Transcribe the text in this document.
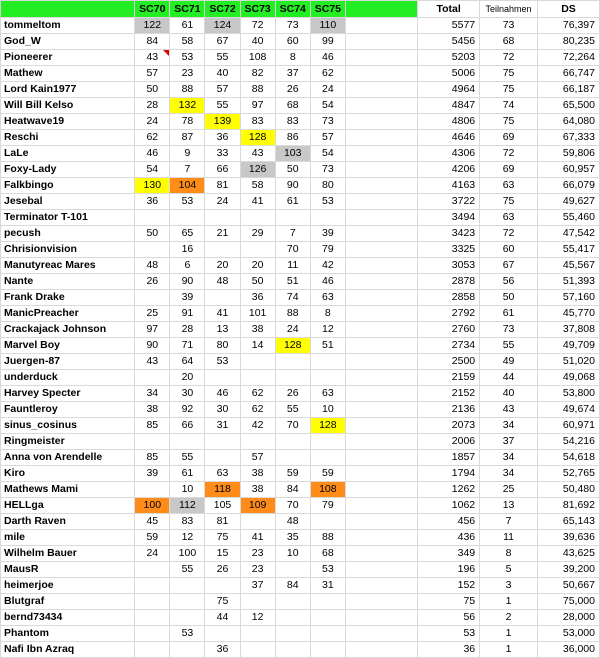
	SC70	SC71	SC72	SC73	SC74	SC75		Total	Teilnahmen	DS
tommeltom	122	61	124	72	73	110		5577	73	76,397
God_W	84	58	67	40	60	99		5456	68	80,235
Pioneerer	43	53	55	108	8	46		5203	72	72,264
Mathew	57	23	40	82	37	62		5006	75	66,747
Lord Kain1977	50	88	57	88	26	24		4964	75	66,187
Will Bill Kelso	28	132	55	97	68	54		4847	74	65,500
Heatwave19	24	78	139	83	83	73		4806	75	64,080
Reschi	62	87	36	128	86	57		4646	69	67,333
LaLe	46	9	33	43	103	54		4306	72	59,806
Foxy-Lady	54	7	66	126	50	73		4206	69	60,957
Falkbingo	130	104	81	58	90	80		4163	63	66,079
Jesebal	36	53	24	41	61	53		3722	75	49,627
Terminator T-101								3494	63	55,460
pecush	50	65	21	29	7	39		3423	72	47,542
Chrisionvision		16			70	79		3325	60	55,417
Manutyreac Mares	48	6	20	20	11	42		3053	67	45,567
Nante	26	90	48	50	51	46		2878	56	51,393
Frank Drake		39		36	74	63		2858	50	57,160
ManicPreacher	25	91	41	101	88	8		2792	61	45,770
Crackajack Johnson	97	28	13	38	24	12		2760	73	37,808
Marvel Boy	90	71	80	14	128	51		2734	55	49,709
Juergen-87	43	64	53					2500	49	51,020
underduck		20						2159	44	49,068
Harvey Specter	34	30	46	62	26	63		2152	40	53,800
Fauntleroy	38	92	30	62	55	10		2136	43	49,674
sinus_cosinus	85	66	31	42	70	128		2073	34	60,971
Ringmeister								2006	37	54,216
Anna von Arendelle	85	55		57				1857	34	54,618
Kiro	39	61	63	38	59	59		1794	34	52,765
Mathews Mami		10	118	38	84	108		1262	25	50,480
HELLga	100	112	105	109	70	79		1062	13	81,692
Darth Raven	45	83	81		48			456	7	65,143
mile	59	12	75	41	35	88		436	11	39,636
Wilhelm Bauer	24	100	15	23	10	68		349	8	43,625
MausR		55	26	23		53		196	5	39,200
heimerjoe				37	84	31		152	3	50,667
Blutgraf			75					75	1	75,000
bernd73434			44	12				56	2	28,000
Phantom		53						53	1	53,000
Nafi Ibn Azraq			36					36	1	36,000
